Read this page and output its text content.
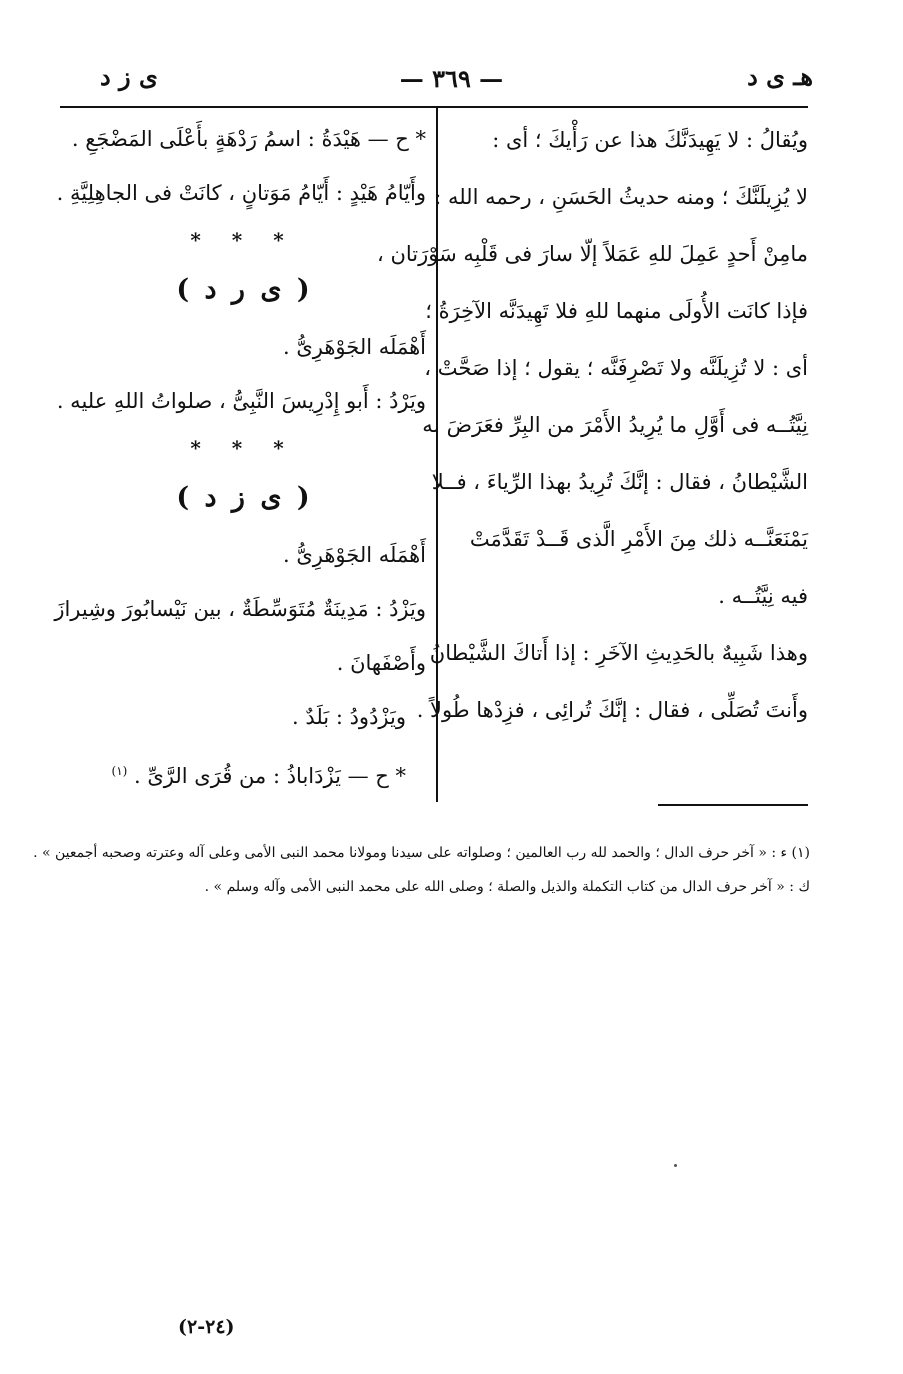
هـ ى د
— ٣٦٩ —
ى ز د
ويُقالُ : لا يَهِيدَنَّكَ هذا عن رَأْيكَ ؛ أى :
لا يُزِيلَنَّكَ ؛ ومنه حديثُ الحَسَنِ ، رحمه الله :
مامِنْ أَحدٍ عَمِلَ للهِ عَمَلاً إلّا سارَ فى قَلْبِه سَوْرَتان ،
فإذا كانَت الأُولَى منهما للهِ فلا تَهِيدَنَّه الآخِرَةُ ؛
أى : لا تُزِيلَنَّه ولا تَصْرِفَنَّه ؛ يقول ؛ إذا صَحَّتْ ،
نِيَّتُــه فى أَوَّلِ ما يُرِيدُ الأَمْرَ من البِرِّ فعَرَضَ له
الشَّيْطانُ ، فقال : إنَّكَ تُرِيدُ بهذا الرِّياءَ ، فــلا
يَمْنَعَنَّــه ذلك مِنَ الأَمْرِ الَّذى قَــدْ تَقَدَّمَتْ
فيه نِيَّتُــه .
وهذا شَبِيهٌ بالحَدِيثِ الآخَرِ : إذا أَتاكَ الشَّيْطانُ
وأَنتَ تُصَلِّى ، فقال : إنَّكَ تُرائِى ، فزِدْها طُولاً .
* ح — هَيْدَةُ : اسمُ رَدْهَةٍ بأَعْلَى المَضْجَعِ .
وأَيّامُ هَيْدٍ : أَيّامُ مَوَتانٍ ، كانَتْ فى الجاهِلِيَّةِ .
* * *
( ى ر د )
أَهْمَلَه الجَوْهَرِىُّ .
ويَرْدُ : أَبو إِدْرِيسَ النَّبِىُّ ، صلواتُ اللهِ عليه .
* * *
( ى ز د )
أَهْمَلَه الجَوْهَرِىُّ .
ويَزْدُ : مَدِينَةٌ مُتَوَسِّطَةٌ ، بين نَيْسابُورَ وشِيرازَ
وأَصْفَهانَ .
ويَزْدُودُ : بَلَدٌ .
* ح — يَزْدَاباذُ : من قُرَى الرَّىِّ . $^{(١)}$
(١) ء : « آخر حرف الدال ؛ والحمد لله رب العالمين ؛ وصلواته على سيدنا ومولانا محمد النبى الأمى وعلى آله وعترته وصحبه أجمعين » .
ك : « آخر حرف الدال من كتاب التكملة والذيل والصلة ؛ وصلى الله على محمد النبى الأمى وآله وسلم » .
(٢٤-٢)
